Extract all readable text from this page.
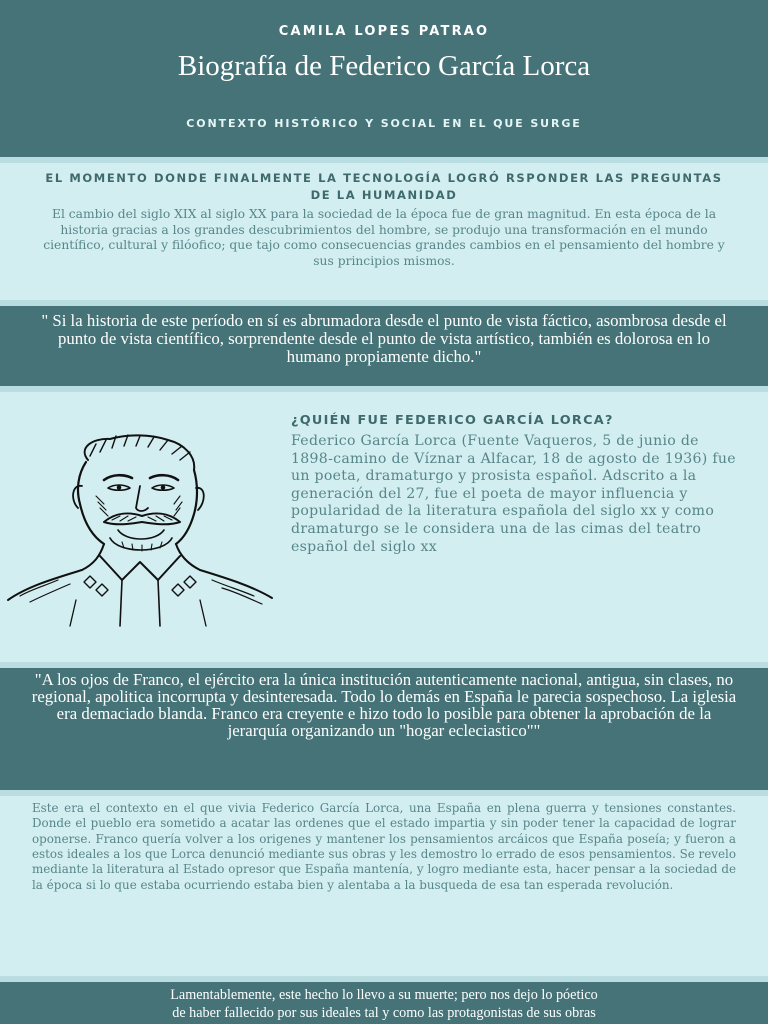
CAMILA LOPES PATRAO
Biografía de Federico García Lorca
CONTEXTO HISTÓRICO Y SOCIAL EN EL QUE SURGE
EL MOMENTO DONDE FINALMENTE LA TECNOLOGÍA LOGRÓ RSPONDER LAS PREGUNTAS DE LA HUMANIDAD

El cambio del siglo XIX al siglo XX para la sociedad de la época fue de gran magnitud. En esta época de la historia gracias a los grandes descubrimientos del hombre, se produjo una transformación en el mundo científico, cultural y filóofico; que tajo como consecuencias grandes cambios en el pensamiento del hombre y sus principios mismos.

" Si la historia de este período en sí es abrumadora desde el punto de vista fáctico, asombrosa desde el punto de vista científico, sorprendente desde el punto de vista artístico, también es dolorosa en lo humano propiamente dicho."
¿QUIÉN FUE FEDERICO GARCÍA LORCA?

Federico García Lorca (Fuente Vaqueros, 5 de junio de 1898-camino de Víznar a Alfacar, 18 de agosto de 1936) fue un poeta, dramaturgo y prosista español. Adscrito a la generación del 27, fue el poeta de mayor influencia y popularidad de la literatura española del siglo xx y como dramaturgo se le considera una de las cimas del teatro español del siglo xx

"A los ojos de Franco, el ejército era la única institución autenticamente nacional, antigua, sin clases, no regional, apolitica incorrupta y desinteresada. Todo lo demás en España le parecia sospechoso. La iglesia era demaciado blanda. Franco era creyente e hizo todo lo posible para obtener la aprobación de la jerarquía organizando un "hogar ecleciastico""

Este era el contexto en el que vivia Federico García Lorca, una España en plena guerra y tensiones constantes. Donde el pueblo era sometido a acatar las ordenes que el estado impartia y sin poder tener la capacidad de lograr oponerse. Franco quería volver a los origenes y mantener los pensamientos arcáicos que España poseía; y fueron a estos ideales a los que Lorca denunció mediante sus obras y les demostro lo errado de esos pensamientos. Se revelo mediante la literatura al Estado opresor que España mantenía, y logro mediante esta, hacer pensar a la sociedad de la época si lo que estaba ocurriendo estaba bien y alentaba a la busqueda de esa tan esperada revolución.

Lamentablemente, este hecho lo llevo a su muerte; pero nos dejo lo póetico
de haber fallecido por sus ideales tal y como las protagonistas de sus obras
